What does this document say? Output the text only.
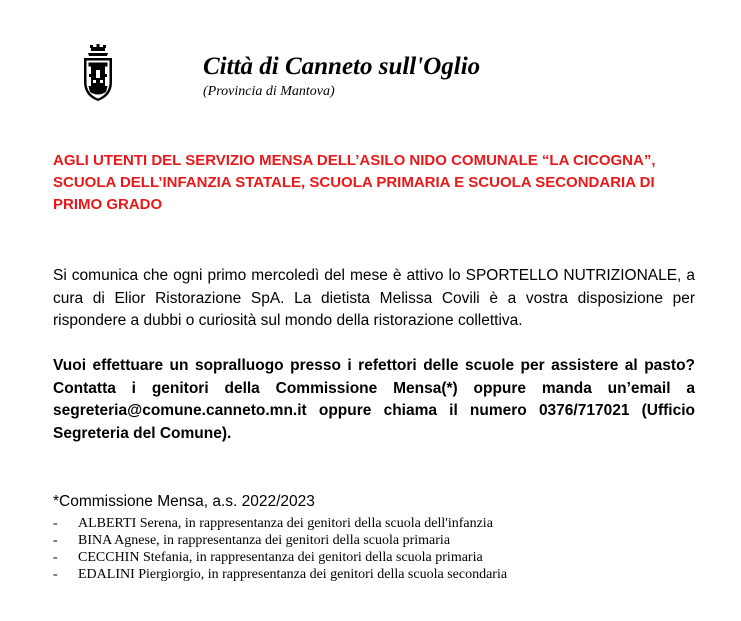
Città di Canneto sull'Oglio
(Provincia di Mantova)
AGLI UTENTI DEL SERVIZIO MENSA DELL’ASILO NIDO COMUNALE “LA CICOGNA”, SCUOLA DELL’INFANZIA STATALE, SCUOLA PRIMARIA E SCUOLA SECONDARIA DI PRIMO GRADO

Si comunica che ogni primo mercoledì del mese è attivo lo SPORTELLO NUTRIZIONALE, a cura di Elior Ristorazione SpA. La dietista Melissa Covili è a vostra disposizione per rispondere a dubbi o curiosità sul mondo della ristorazione collettiva.

Vuoi effettuare un sopralluogo presso i refettori delle scuole per assistere al pasto? Contatta i genitori della Commissione Mensa(*) oppure manda un’email a segreteria@comune.canneto.mn.it oppure chiama il numero 0376/717021 (Ufficio Segreteria del Comune).

*Commissione Mensa, a.s. 2022/2023
-	ALBERTI Serena, in rappresentanza dei genitori della scuola dell'infanzia
-	BINA Agnese, in rappresentanza dei genitori della scuola primaria
-	CECCHIN Stefania, in rappresentanza dei genitori della scuola primaria
-	EDALINI Piergiorgio, in rappresentanza dei genitori della scuola secondaria
